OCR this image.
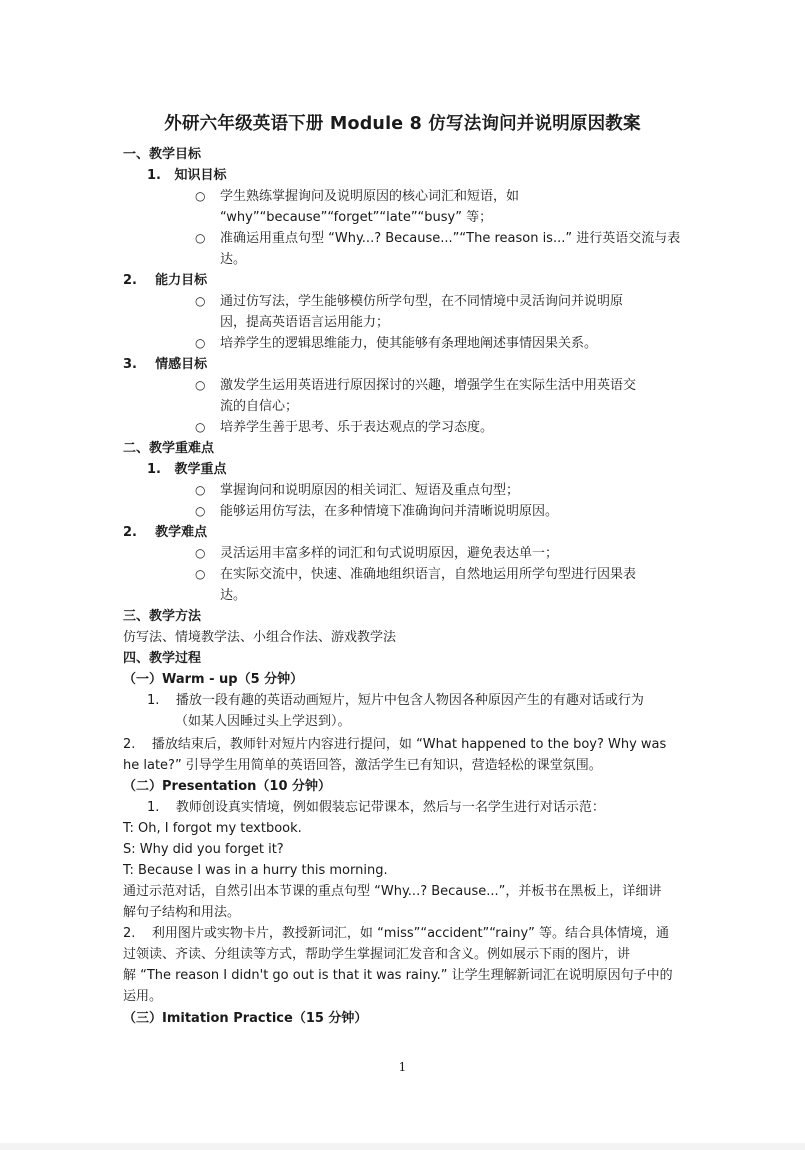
外研六年级英语下册 Module 8 仿写法询问并说明原因教案
一、教学目标
1.   知识目标
○ 学生熟练掌握询问及说明原因的核心词汇和短语，如
“why”“because”“forget”“late”“busy” 等；
○ 准确运用重点句型 “Why...? Because...”“The reason is...” 进行英语交流与表
达。
2.    能力目标
○ 通过仿写法，学生能够模仿所学句型，在不同情境中灵活询问并说明原
因，提高英语语言运用能力；
○ 培养学生的逻辑思维能力，使其能够有条理地阐述事情因果关系。
3.    情感目标
○ 激发学生运用英语进行原因探讨的兴趣，增强学生在实际生活中用英语交
流的自信心；
○ 培养学生善于思考、乐于表达观点的学习态度。
二、教学重难点
1.   教学重点
○ 掌握询问和说明原因的相关词汇、短语及重点句型；
○ 能够运用仿写法，在多种情境下准确询问并清晰说明原因。
2.    教学难点
○ 灵活运用丰富多样的词汇和句式说明原因，避免表达单一；
○ 在实际交流中，快速、准确地组织语言，自然地运用所学句型进行因果表
达。
三、教学方法
仿写法、情境教学法、小组合作法、游戏教学法
四、教学过程
（一）Warm - up（5 分钟）
1.    播放一段有趣的英语动画短片，短片中包含人物因各种原因产生的有趣对话或行为
（如某人因睡过头上学迟到）。
2.    播放结束后，教师针对短片内容进行提问，如 “What happened to the boy? Why was
he late?” 引导学生用简单的英语回答，激活学生已有知识，营造轻松的课堂氛围。
（二）Presentation（10 分钟）
1.    教师创设真实情境，例如假装忘记带课本，然后与一名学生进行对话示范：
T: Oh, I forgot my textbook.
S: Why did you forget it?
T: Because I was in a hurry this morning.
通过示范对话，自然引出本节课的重点句型 “Why...? Because...”，并板书在黑板上，详细讲
解句子结构和用法。
2.    利用图片或实物卡片，教授新词汇，如 “miss”“accident”“rainy” 等。结合具体情境，通
过领读、齐读、分组读等方式，帮助学生掌握词汇发音和含义。例如展示下雨的图片，讲
解 “The reason I didn't go out is that it was rainy.” 让学生理解新词汇在说明原因句子中的
运用。
（三）Imitation Practice（15 分钟）
1
